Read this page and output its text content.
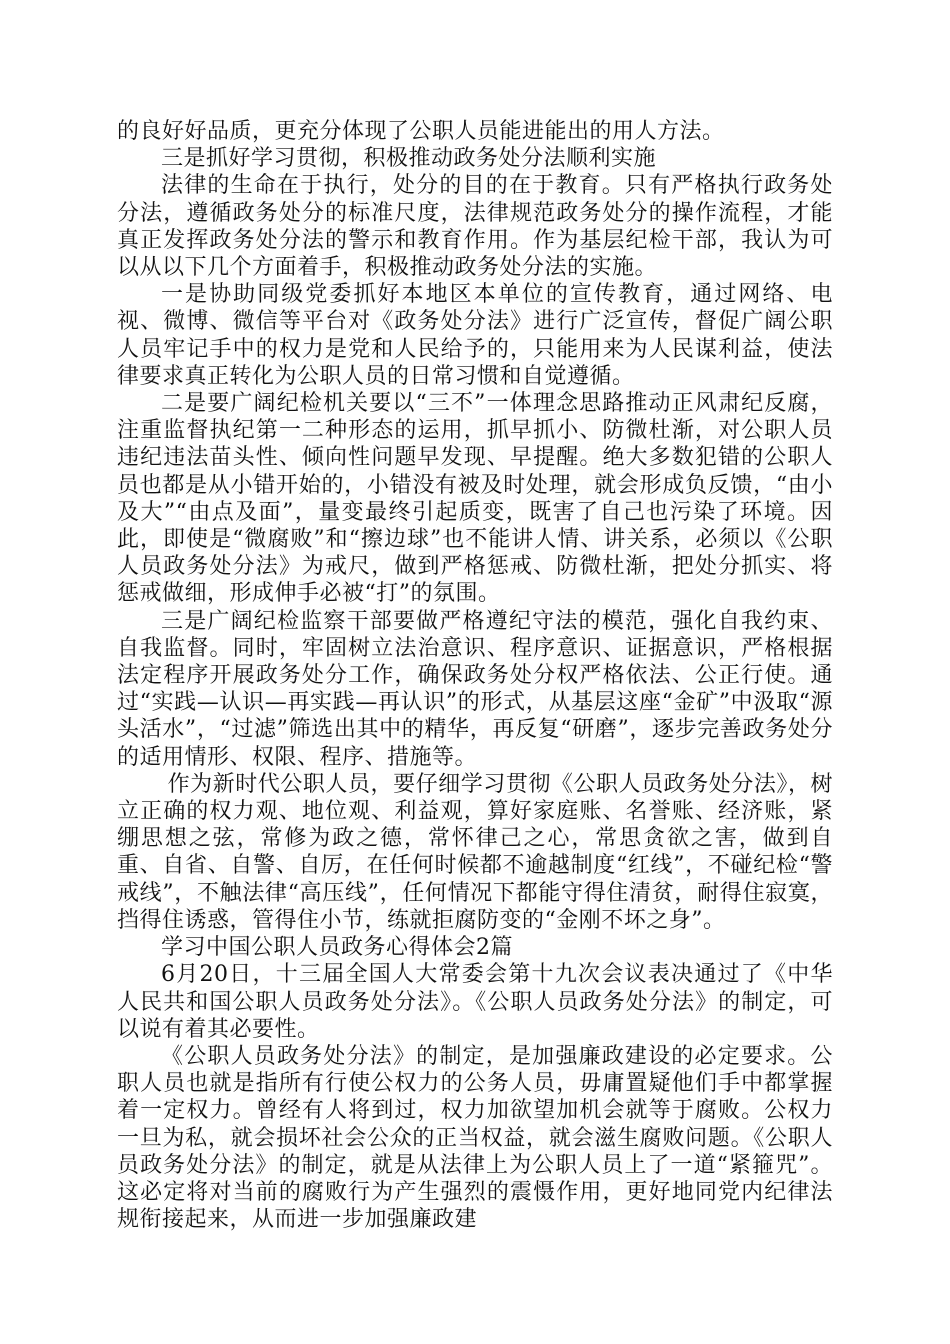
的良好好品质，更充分体现了公职人员能进能出的用人方法。

三是抓好学习贯彻，积极推动政务处分法顺利实施

法律的生命在于执行，处分的目的在于教育。只有严格执行政务处分法，遵循政务处分的标准尺度，法律规范政务处分的操作流程，才能真正发挥政务处分法的警示和教育作用。作为基层纪检干部，我认为可以从以下几个方面着手，积极推动政务处分法的实施。

一是协助同级党委抓好本地区本单位的宣传教育，通过网络、电视、微博、微信等平台对《政务处分法》进行广泛宣传，督促广阔公职人员牢记手中的权力是党和人民给予的，只能用来为人民谋利益，使法律要求真正转化为公职人员的日常习惯和自觉遵循。

二是要广阔纪检机关要以“三不”一体理念思路推动正风肃纪反腐，注重监督执纪第一二种形态的运用，抓早抓小、防微杜渐，对公职人员违纪违法苗头性、倾向性问题早发现、早提醒。绝大多数犯错的公职人员也都是从小错开始的，小错没有被及时处理，就会形成负反馈，“由小及大”“由点及面”，量变最终引起质变，既害了自己也污染了环境。因此，即使是“微腐败”和“擦边球”也不能讲人情、讲关系，必须以《公职人员政务处分法》为戒尺，做到严格惩戒、防微杜渐，把处分抓实、将惩戒做细，形成伸手必被“打”的氛围。

三是广阔纪检监察干部要做严格遵纪守法的模范，强化自我约束、自我监督。同时，牢固树立法治意识、程序意识、证据意识，严格根据法定程序开展政务处分工作，确保政务处分权严格依法、公正行使。通过“实践—认识—再实践—再认识”的形式，从基层这座“金矿”中汲取“源头活水”，“过滤”筛选出其中的精华，再反复“研磨”，逐步完善政务处分的适用情形、权限、程序、措施等。

作为新时代公职人员，要仔细学习贯彻《公职人员政务处分法》，树立正确的权力观、地位观、利益观，算好家庭账、名誉账、经济账，紧绷思想之弦，常修为政之德，常怀律己之心，常思贪欲之害，做到自重、自省、自警、自厉，在任何时候都不逾越制度“红线”，不碰纪检“警戒线”，不触法律“高压线”，任何情况下都能守得住清贫，耐得住寂寞，挡得住诱惑，管得住小节，练就拒腐防变的“金刚不坏之身”。

学习中国公职人员政务心得体会2篇

6月20日，十三届全国人大常委会第十九次会议表决通过了《中华人民共和国公职人员政务处分法》。《公职人员政务处分法》的制定，可以说有着其必要性。

《公职人员政务处分法》的制定，是加强廉政建设的必定要求。公职人员也就是指所有行使公权力的公务人员，毋庸置疑他们手中都掌握着一定权力。曾经有人将到过，权力加欲望加机会就等于腐败。公权力一旦为私，就会损坏社会公众的正当权益，就会滋生腐败问题。《公职人员政务处分法》的制定，就是从法律上为公职人员上了一道“紧箍咒”。这必定将对当前的腐败行为产生强烈的震慑作用，更好地同党内纪律法规衔接起来，从而进一步加强廉政建
